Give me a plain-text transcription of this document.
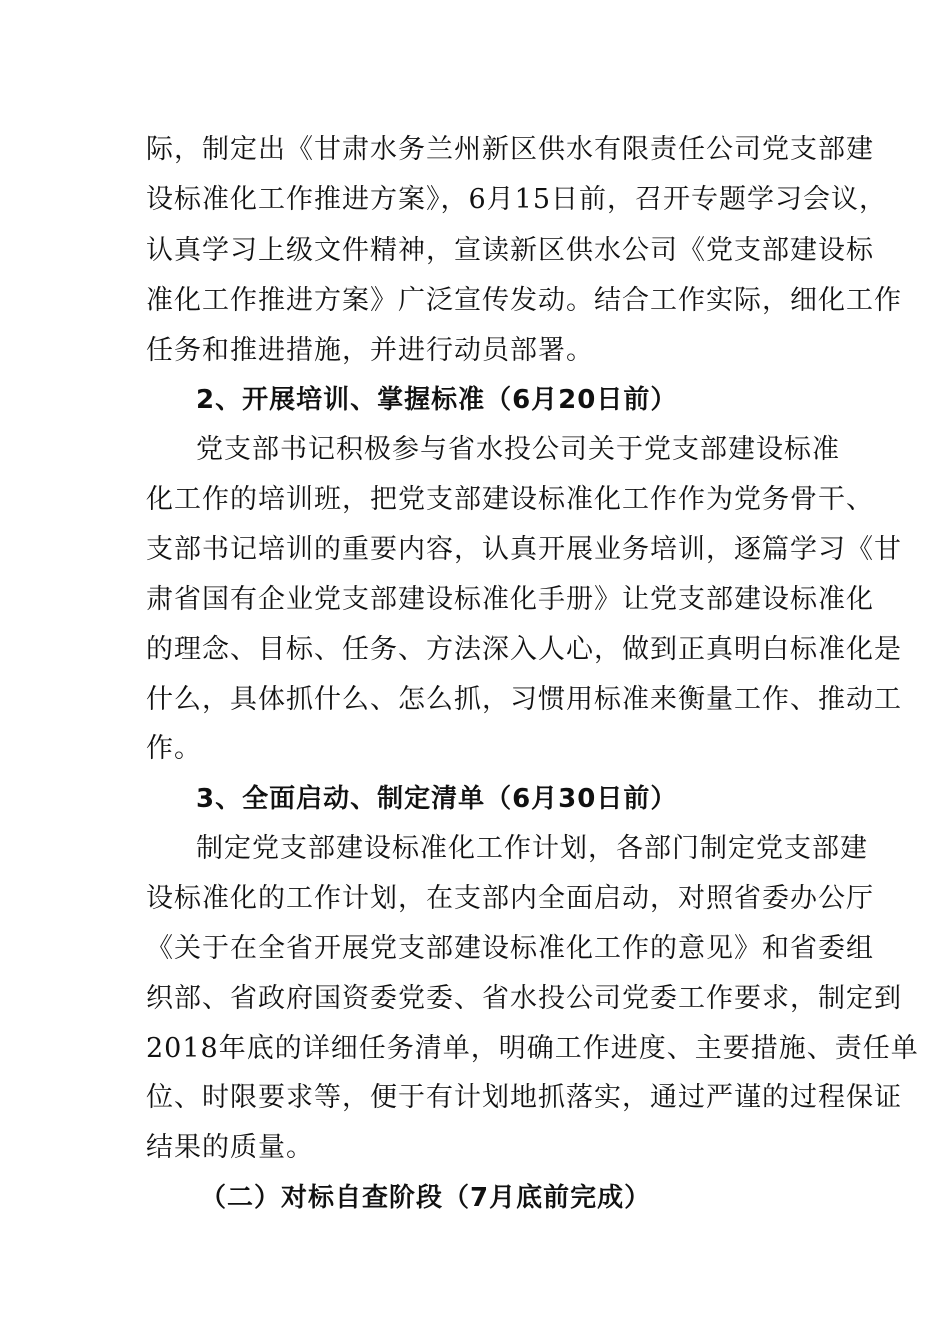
际，制定出《甘肃水务兰州新区供水有限责任公司党支部建
设标准化工作推进方案》，6月15日前，召开专题学习会议，
认真学习上级文件精神，宣读新区供水公司《党支部建设标
准化工作推进方案》广泛宣传发动。结合工作实际，细化工作
任务和推进措施，并进行动员部署。
2、开展培训、掌握标准（6月20日前）
党支部书记积极参与省水投公司关于党支部建设标准
化工作的培训班，把党支部建设标准化工作作为党务骨干、
支部书记培训的重要内容，认真开展业务培训，逐篇学习《甘
肃省国有企业党支部建设标准化手册》让党支部建设标准化
的理念、目标、任务、方法深入人心，做到正真明白标准化是
什么，具体抓什么、怎么抓，习惯用标准来衡量工作、推动工
作。
3、全面启动、制定清单（6月30日前）
制定党支部建设标准化工作计划，各部门制定党支部建
设标准化的工作计划，在支部内全面启动，对照省委办公厅
《关于在全省开展党支部建设标准化工作的意见》和省委组
织部、省政府国资委党委、省水投公司党委工作要求，制定到
2018年底的详细任务清单，明确工作进度、主要措施、责任单
位、时限要求等，便于有计划地抓落实，通过严谨的过程保证
结果的质量。
（二）对标自查阶段（7月底前完成）
